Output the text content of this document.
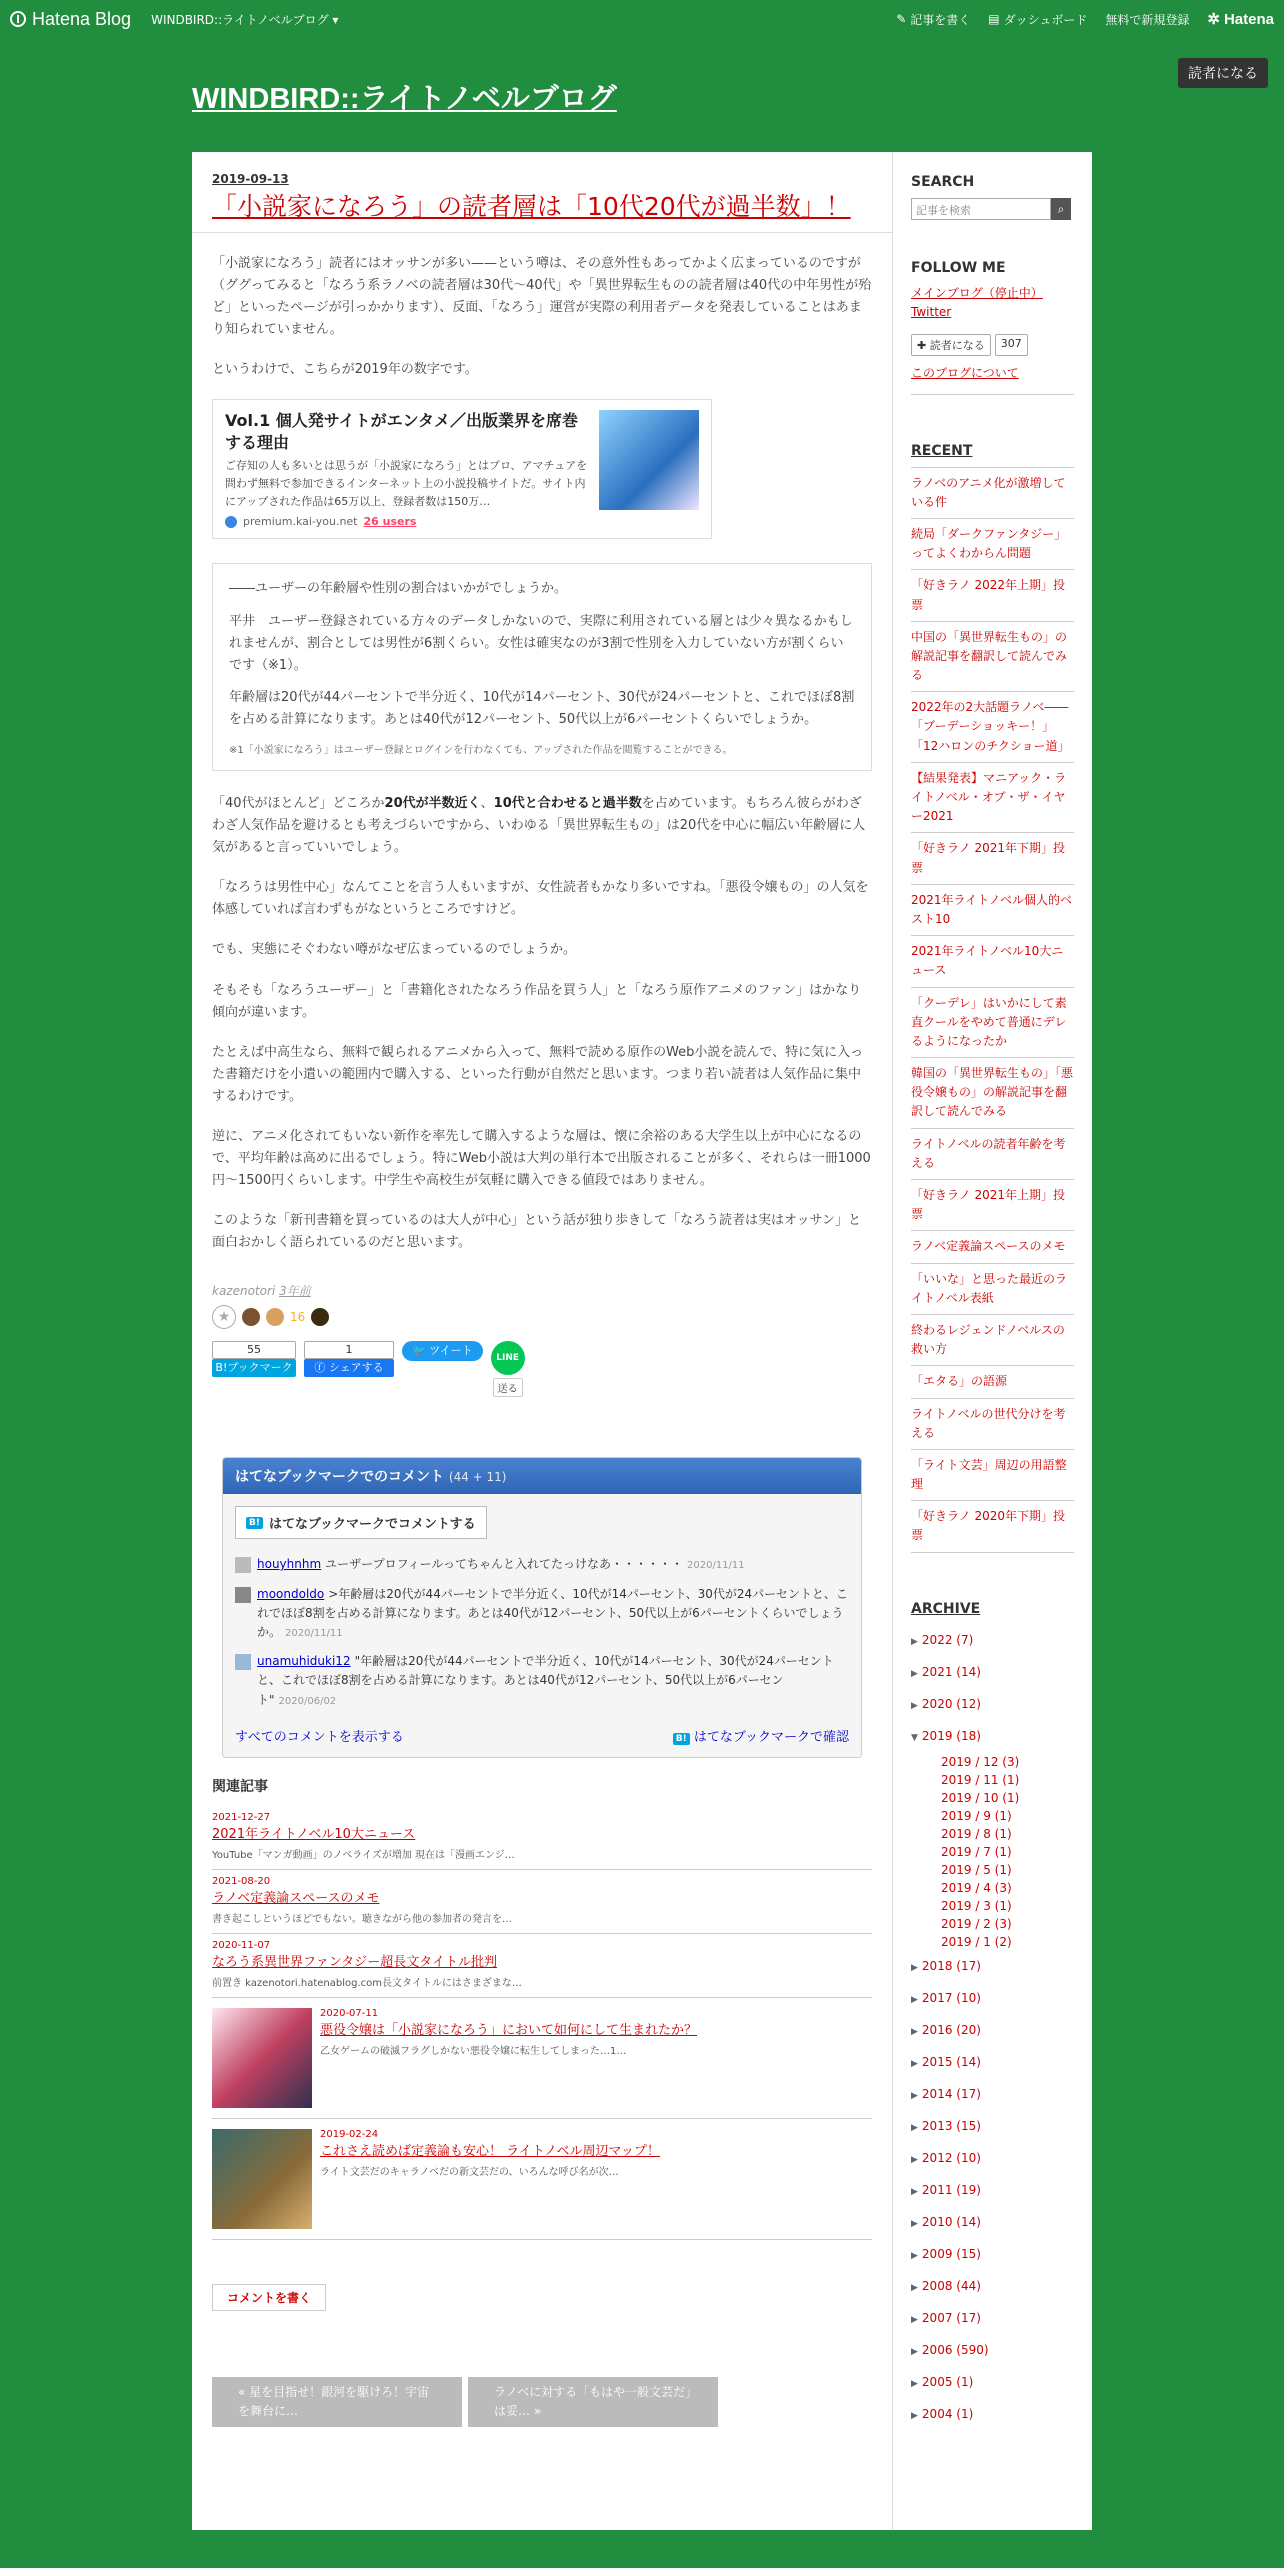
Hatena Blog WINDBIRD::ライトノベルブログ ▾	✎ 記事を書く ▤ ダッシュボード 無料で新規登録 ✲ Hatena
読者になる
WINDBIRD::ライトノベルブログ
2019-09-13
「小説家になろう」の読者層は「10代20代が過半数」！

「小説家になろう」読者にはオッサンが多い——という噂は、その意外性もあってかよく広まっているのですが（ググってみると「なろう系ラノベの読者層は30代～40代」や「異世界転生ものの読者層は40代の中年男性が殆ど」といったページが引っかかります）、反面、「なろう」運営が実際の利用者データを発表していることはあまり知られていません。

というわけで、こちらが2019年の数字です。

Vol.1 個人発サイトがエンタメ／出版業界を席巻する理由
ご存知の人も多いとは思うが「小説家になろう」とはプロ、アマチュアを問わず無料で参加できるインターネット上の小説投稿サイトだ。サイト内にアップされた作品は65万以上、登録者数は150万…
premium.kai-you.net 26 users
――ユーザーの年齢層や性別の割合はいかがでしょうか。
平井　ユーザー登録されている方々のデータしかないので、実際に利用されている層とは少々異なるかもしれませんが、割合としては男性が6割くらい。女性は確実なのが3割で性別を入力していない方が割くらいです（※1）。
年齢層は20代が44パーセントで半分近く、10代が14パーセント、30代が24パーセントと、これでほぼ8割を占める計算になります。あとは40代が12パーセント、50代以上が6パーセントくらいでしょうか。
※1「小説家になろう」はユーザー登録とログインを行わなくても、アップされた作品を閲覧することができる。

「40代がほとんど」どころか20代が半数近く、10代と合わせると過半数を占めています。もちろん彼らがわざわざ人気作品を避けるとも考えづらいですから、いわゆる「異世界転生もの」は20代を中心に幅広い年齢層に人気があると言っていいでしょう。

「なろうは男性中心」なんてことを言う人もいますが、女性読者もかなり多いですね。「悪役令嬢もの」の人気を体感していれば言わずもがなというところですけど。

でも、実態にそぐわない噂がなぜ広まっているのでしょうか。

そもそも「なろうユーザー」と「書籍化されたなろう作品を買う人」と「なろう原作アニメのファン」はかなり傾向が違います。

たとえば中高生なら、無料で観られるアニメから入って、無料で読める原作のWeb小説を読んで、特に気に入った書籍だけを小遣いの範囲内で購入する、といった行動が自然だと思います。つまり若い読者は人気作品に集中するわけです。

逆に、アニメ化されてもいない新作を率先して購入するような層は、懐に余裕のある大学生以上が中心になるので、平均年齢は高めに出るでしょう。特にWeb小説は大判の単行本で出版されることが多く、それらは一冊1000円〜1500円くらいします。中学生や高校生が気軽に購入できる値段ではありません。

このような「新刊書籍を買っているのは大人が中心」という話が独り歩きして「なろう読者は実はオッサン」と面白おかしく語られているのだと思います。

kazenotori 3年前
★	16
55
B!ブックマーク
1
ⓕ シェアする
🐦 ツイート
LINE
送る
はてなブックマークでのコメント (44 + 11)
B! はてなブックマークでコメントする
houyhnhm ユーザープロフィールってちゃんと入れてたっけなあ・・・・・・ 2020/11/11
moondoldo >年齢層は20代が44パーセントで半分近く、10代が14パーセント、30代が24パーセントと、これでほぼ8割を占める計算になります。あとは40代が12パーセント、50代以上が6パーセントくらいでしょうか。 2020/11/11
unamuhiduki12 "年齢層は20代が44パーセントで半分近く、10代が14パーセント、30代が24パーセントと、これでほぼ8割を占める計算になります。あとは40代が12パーセント、50代以上が6パーセント" 2020/06/02
すべてのコメントを表示する	B! はてなブックマークで確認
関連記事
2021-12-27
2021年ライトノベル10大ニュース
YouTube「マンガ動画」のノベライズが増加 現在は「漫画エンジ…
2021-08-20
ラノベ定義論スペースのメモ
書き起こしというほどでもない。聴きながら他の参加者の発言を…
2020-11-07
なろう系異世界ファンタジー超長文タイトル批判
前置き kazenotori.hatenablog.com長文タイトルにはさまざまな…
2020-07-11
悪役令嬢は「小説家になろう」において如何にして生まれたか？
乙女ゲームの破滅フラグしかない悪役令嬢に転生してしまった…1…
2019-02-24
これさえ読めば定義論も安心！ ライトノベル周辺マップ！
ライト文芸だのキャラノベだの新文芸だの、いろんな呼び名が次…
コメントを書く
« 星を目指せ！銀河を駆けろ！宇宙を舞台に…
ラノベに対する「もはや一般文芸だ」は妥… »
SEARCH
記事を検索	⌕
FOLLOW ME
メインブログ（停止中）
Twitter
✚ 読者になる	307
このブログについて
RECENT
ラノベのアニメ化が激増している件
続局「ダークファンタジー」ってよくわからん問題
「好きラノ 2022年上期」投票
中国の「異世界転生もの」の解説記事を翻訳して読んでみる
2022年の2大話題ラノベ――「ブーデーショッキー！」「12ハロンのチクショー道」
【結果発表】マニアック・ライトノベル・オブ・ザ・イヤー2021
「好きラノ 2021年下期」投票
2021年ライトノベル個人的ベスト10
2021年ライトノベル10大ニュース
「クーデレ」はいかにして素直クールをやめて普通にデレるようになったか
韓国の「異世界転生もの」「悪役令嬢もの」の解説記事を翻訳して読んでみる
ライトノベルの読者年齢を考える
「好きラノ 2021年上期」投票
ラノベ定義論スペースのメモ
「いいな」と思った最近のライトノベル表紙
終わるレジェンドノベルスの救い方
「エタる」の語源
ライトノベルの世代分けを考える
「ライト文芸」周辺の用語整理
「好きラノ 2020年下期」投票
ARCHIVE
▶ 2022 (7)
▶ 2021 (14)
▶ 2020 (12)
▼ 2019 (18)
2019 / 12 (3)
2019 / 11 (1)
2019 / 10 (1)
2019 / 9 (1)
2019 / 8 (1)
2019 / 7 (1)
2019 / 5 (1)
2019 / 4 (3)
2019 / 3 (1)
2019 / 2 (3)
2019 / 1 (2)
▶ 2018 (17)
▶ 2017 (10)
▶ 2016 (20)
▶ 2015 (14)
▶ 2014 (17)
▶ 2013 (15)
▶ 2012 (10)
▶ 2011 (19)
▶ 2010 (14)
▶ 2009 (15)
▶ 2008 (44)
▶ 2007 (17)
▶ 2006 (590)
▶ 2005 (1)
▶ 2004 (1)
